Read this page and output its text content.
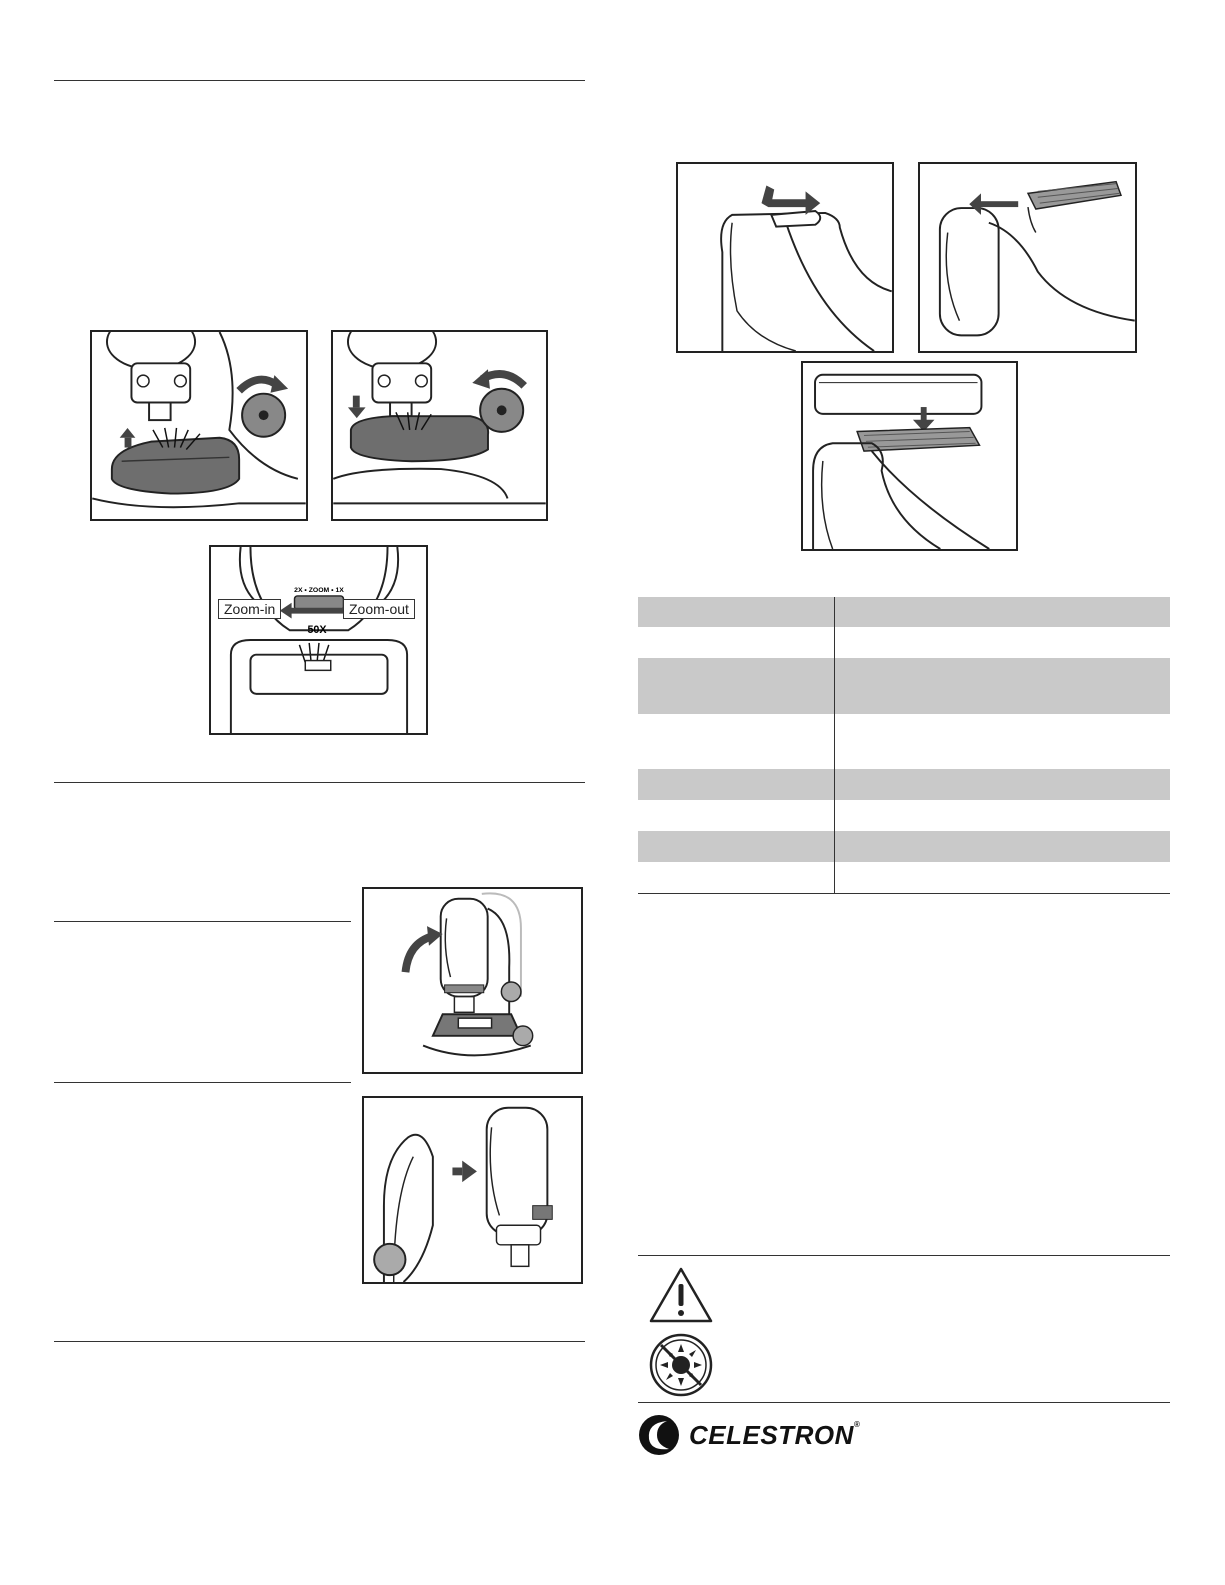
2X • ZOOM • 1X
50X
Zoom-in	Zoom-out

CELESTRON®
